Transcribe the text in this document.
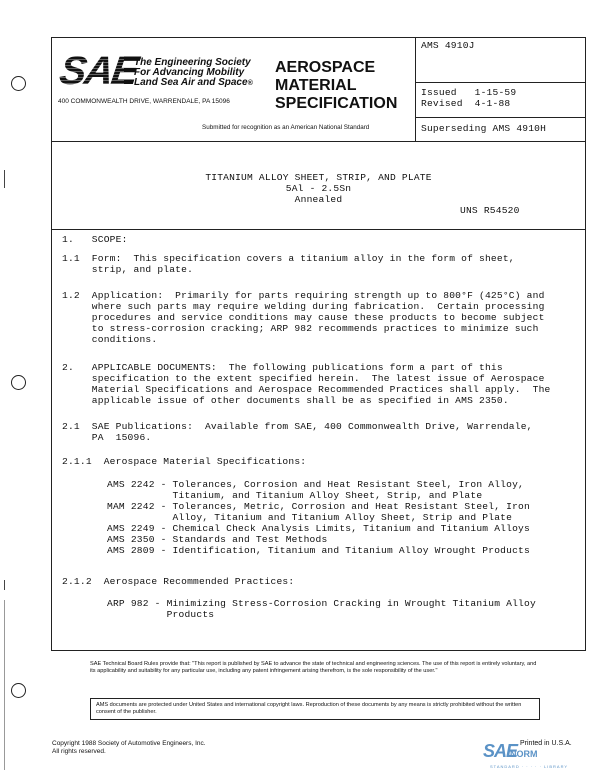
SAE
The Engineering Society
For Advancing Mobility
Land Sea Air and Space®
400 COMMONWEALTH DRIVE, WARRENDALE, PA 15096
AEROSPACE
MATERIAL
SPECIFICATION
Submitted for recognition as an American National Standard
AMS 4910J
Issued   1-15-59
Revised  4-1-88
Superseding AMS 4910H
TITANIUM ALLOY SHEET, STRIP, AND PLATE
5Al - 2.5Sn
Annealed
UNS R54520
1.   SCOPE:
1.1  Form:  This specification covers a titanium alloy in the form of sheet,
strip, and plate.
1.2  Application:  Primarily for parts requiring strength up to 800°F (425°C) and
where such parts may require welding during fabrication.  Certain processing
procedures and service conditions may cause these products to become subject
to stress-corrosion cracking; ARP 982 recommends practices to minimize such
conditions.
2.   APPLICABLE DOCUMENTS:  The following publications form a part of this
specification to the extent specified herein.  The latest issue of Aerospace
Material Specifications and Aerospace Recommended Practices shall apply.  The
applicable issue of other documents shall be as specified in AMS 2350.
2.1  SAE Publications:  Available from SAE, 400 Commonwealth Drive, Warrendale,
PA  15096.
2.1.1  Aerospace Material Specifications:
AMS 2242 - Tolerances, Corrosion and Heat Resistant Steel, Iron Alloy,
Titanium, and Titanium Alloy Sheet, Strip, and Plate
MAM 2242 - Tolerances, Metric, Corrosion and Heat Resistant Steel, Iron
Alloy, Titanium and Titanium Alloy Sheet, Strip and Plate
AMS 2249 - Chemical Check Analysis Limits, Titanium and Titanium Alloys
AMS 2350 - Standards and Test Methods
AMS 2809 - Identification, Titanium and Titanium Alloy Wrought Products
2.1.2  Aerospace Recommended Practices:
ARP 982 - Minimizing Stress-Corrosion Cracking in Wrought Titanium Alloy
Products
SAE Technical Board Rules provide that: "This report is published by SAE to advance the state of technical and engineering sciences. The use of this report is entirely voluntary, and its applicability and suitability for any particular use, including any patent infringement arising therefrom, is the sole responsibility of the user."
AMS documents are protected under United States and international copyright laws. Reproduction of these documents by any means is strictly prohibited without the written consent of the publisher.
Copyright 1988 Society of Automotive Engineers, Inc.
All rights reserved.	SAE
NORM
STANDARD · · · · · LIBRARY
Printed in U.S.A.
